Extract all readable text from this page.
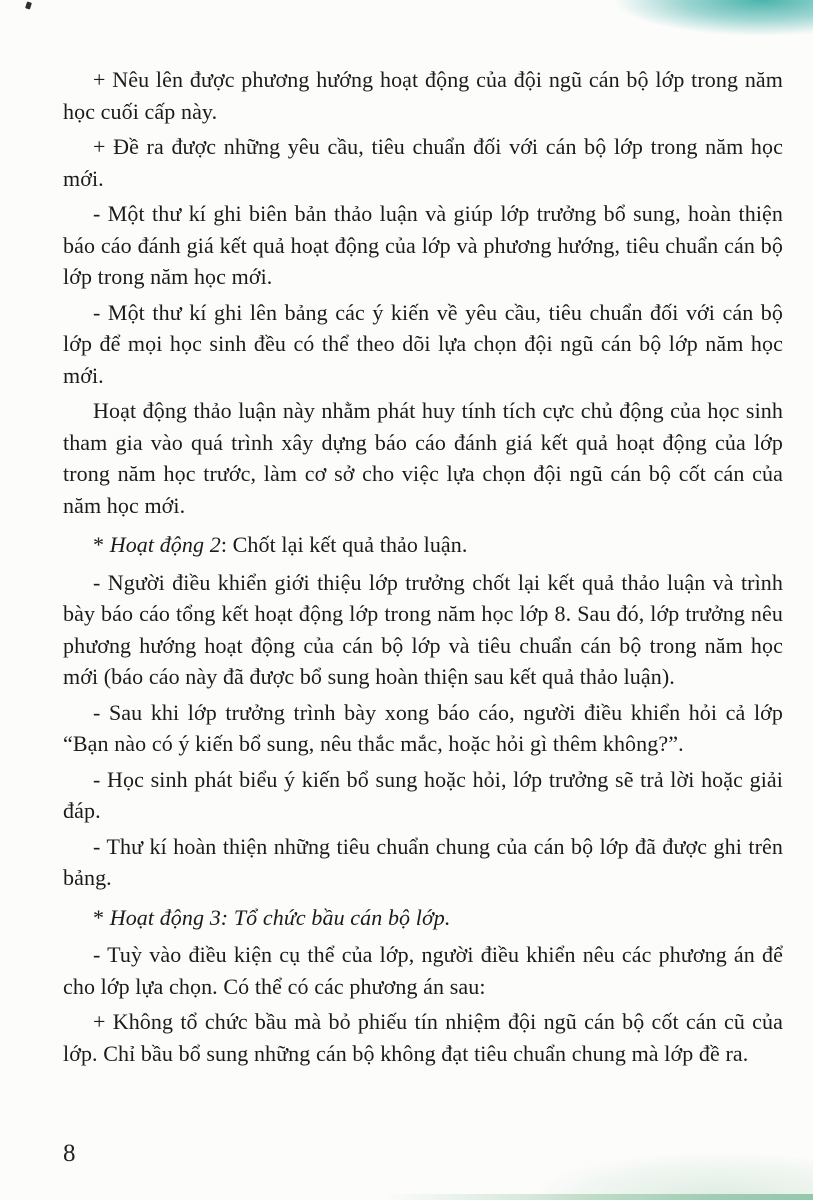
+ Nêu lên được phương hướng hoạt động của đội ngũ cán bộ lớp trong năm học cuối cấp này.

+ Đề ra được những yêu cầu, tiêu chuẩn đối với cán bộ lớp trong năm học mới.

- Một thư kí ghi biên bản thảo luận và giúp lớp trưởng bổ sung, hoàn thiện báo cáo đánh giá kết quả hoạt động của lớp và phương hướng, tiêu chuẩn cán bộ lớp trong năm học mới.

- Một thư kí ghi lên bảng các ý kiến về yêu cầu, tiêu chuẩn đối với cán bộ lớp để mọi học sinh đều có thể theo dõi lựa chọn đội ngũ cán bộ lớp năm học mới.

Hoạt động thảo luận này nhằm phát huy tính tích cực chủ động của học sinh tham gia vào quá trình xây dựng báo cáo đánh giá kết quả hoạt động của lớp trong năm học trước, làm cơ sở cho việc lựa chọn đội ngũ cán bộ cốt cán của năm học mới.

* Hoạt động 2: Chốt lại kết quả thảo luận.

- Người điều khiển giới thiệu lớp trưởng chốt lại kết quả thảo luận và trình bày báo cáo tổng kết hoạt động lớp trong năm học lớp 8. Sau đó, lớp trưởng nêu phương hướng hoạt động của cán bộ lớp và tiêu chuẩn cán bộ trong năm học mới (báo cáo này đã được bổ sung hoàn thiện sau kết quả thảo luận).

- Sau khi lớp trưởng trình bày xong báo cáo, người điều khiển hỏi cả lớp “Bạn nào có ý kiến bổ sung, nêu thắc mắc, hoặc hỏi gì thêm không?”.

- Học sinh phát biểu ý kiến bổ sung hoặc hỏi, lớp trưởng sẽ trả lời hoặc giải đáp.

- Thư kí hoàn thiện những tiêu chuẩn chung của cán bộ lớp đã được ghi trên bảng.

* Hoạt động 3: Tổ chức bầu cán bộ lớp.

- Tuỳ vào điều kiện cụ thể của lớp, người điều khiển nêu các phương án để cho lớp lựa chọn. Có thể có các phương án sau:

+ Không tổ chức bầu mà bỏ phiếu tín nhiệm đội ngũ cán bộ cốt cán cũ của lớp. Chỉ bầu bổ sung những cán bộ không đạt tiêu chuẩn chung mà lớp đề ra.

8
